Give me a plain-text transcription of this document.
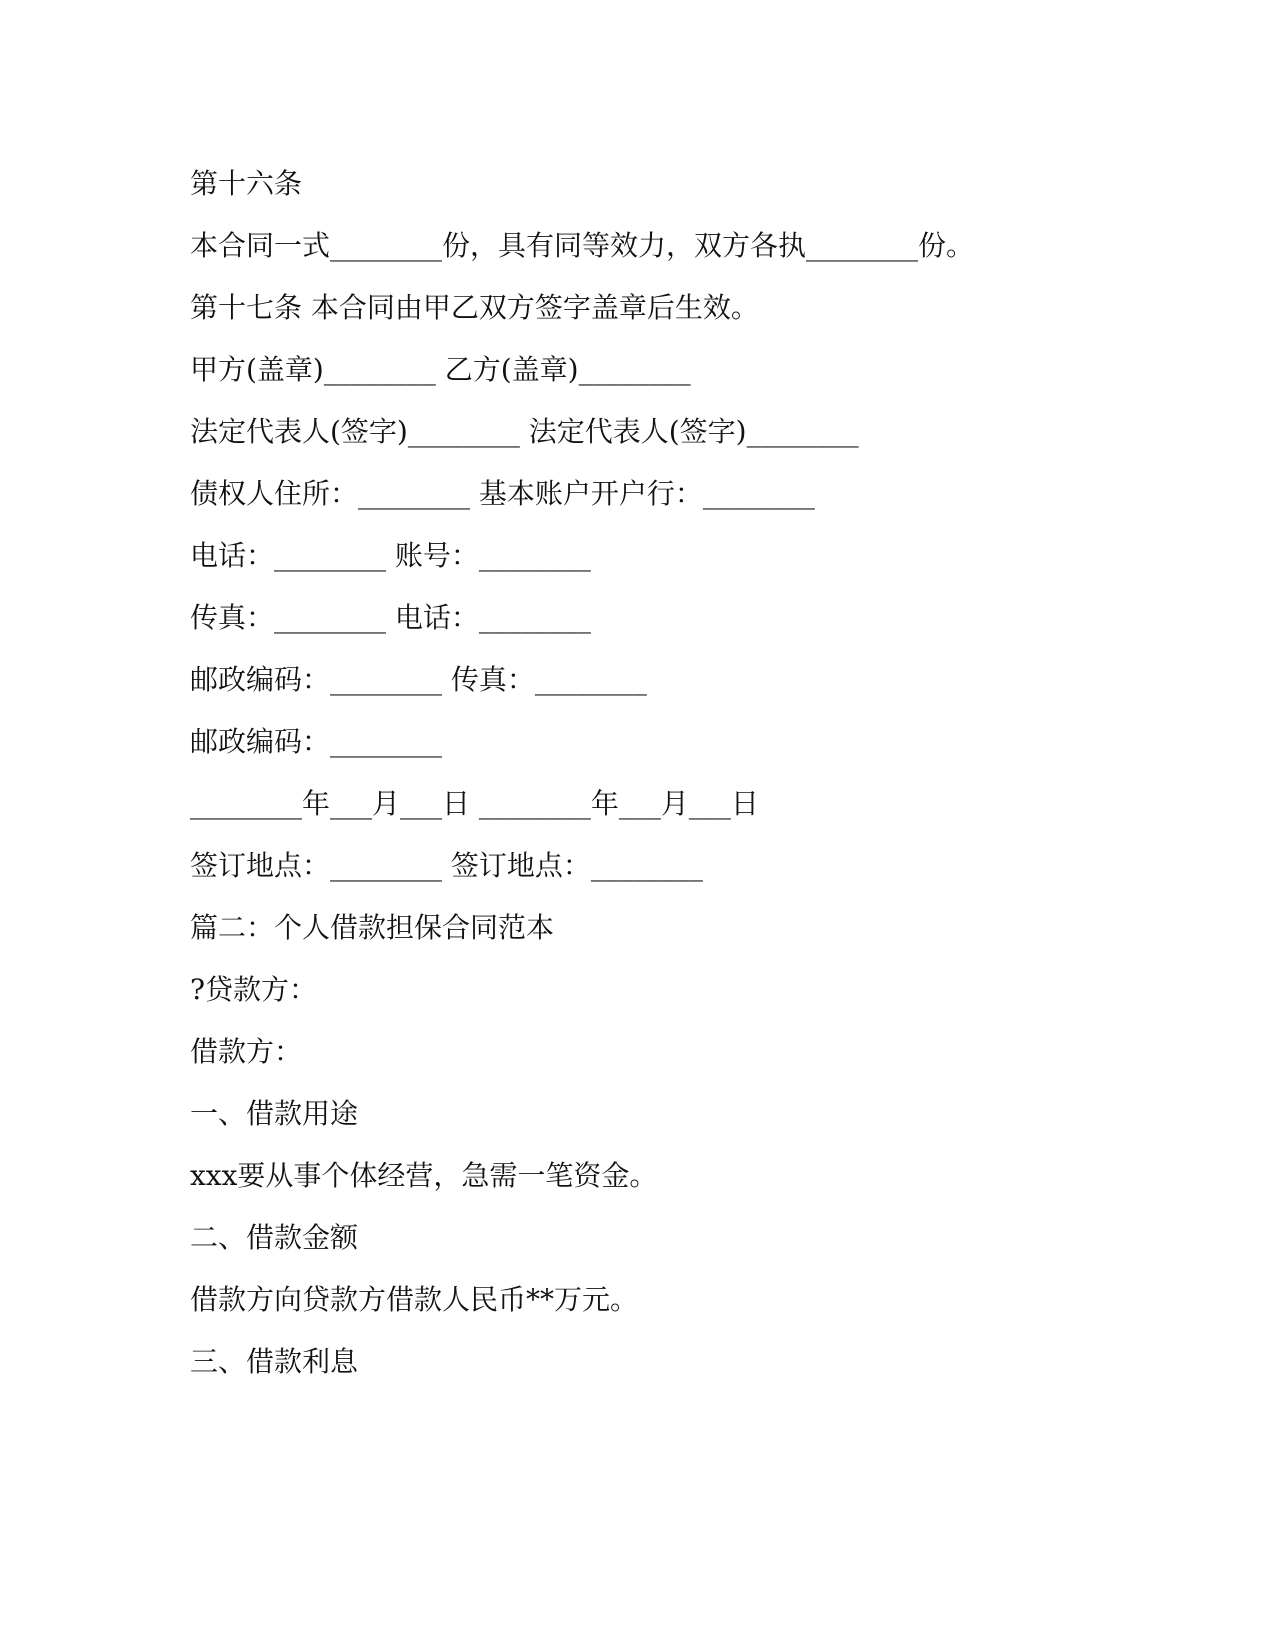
第十六条

本合同一式________份，具有同等效力，双方各执________份。

第十七条 本合同由甲乙双方签字盖章后生效。

甲方(盖章)________ 乙方(盖章)________

法定代表人(签字)________ 法定代表人(签字)________

债权人住所：________ 基本账户开户行：________

电话：________ 账号：________

传真：________ 电话：________

邮政编码：________ 传真：________

邮政编码：________

________年___月___日 ________年___月___日

签订地点：________ 签订地点：________

篇二：个人借款担保合同范本

?贷款方：

借款方：

一、借款用途

xxx要从事个体经营，急需一笔资金。

二、借款金额

借款方向贷款方借款人民币**万元。

三、借款利息
